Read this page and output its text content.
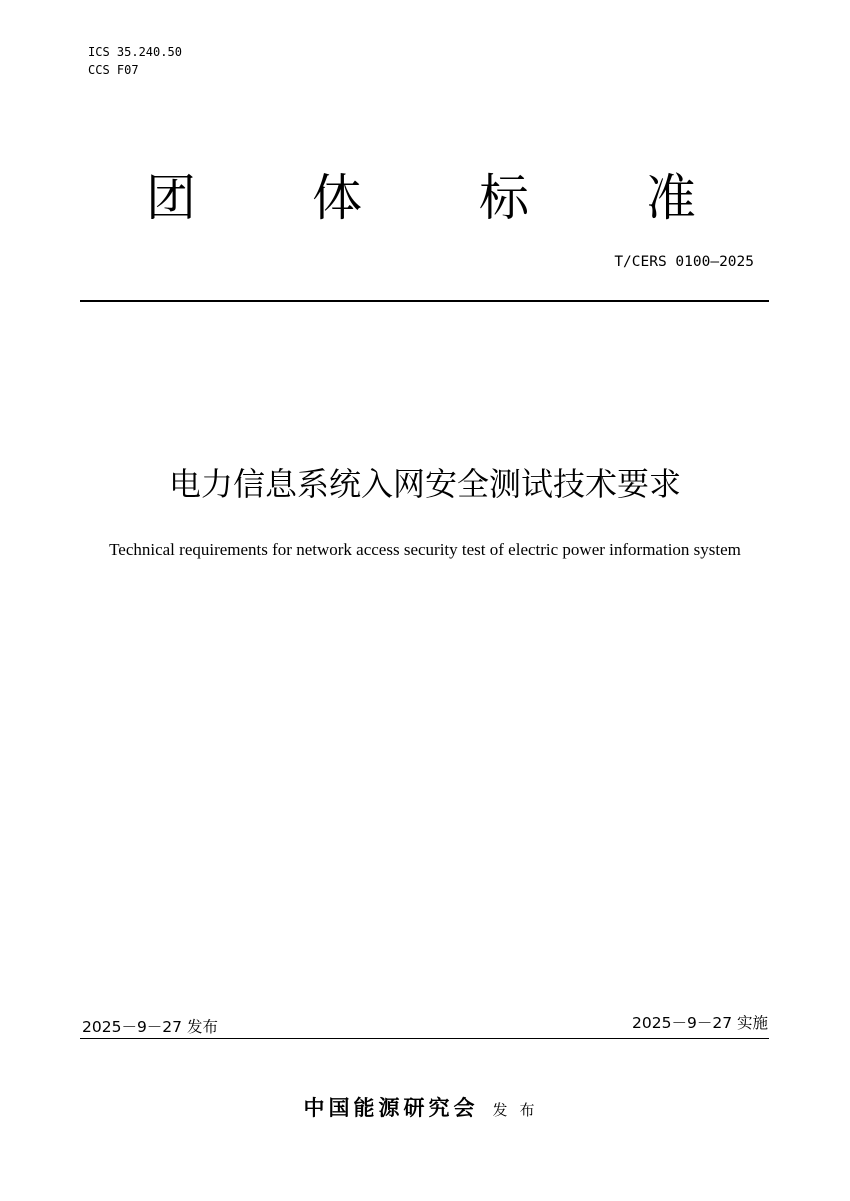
ICS 35.240.50
CCS F07
团 体 标 准
T/CERS 0100—2025
电力信息系统入网安全测试技术要求
Technical requirements for network access security test of electric power information system
2025－9－27 发布	2025－9－27 实施
中国能源研究会 发布
